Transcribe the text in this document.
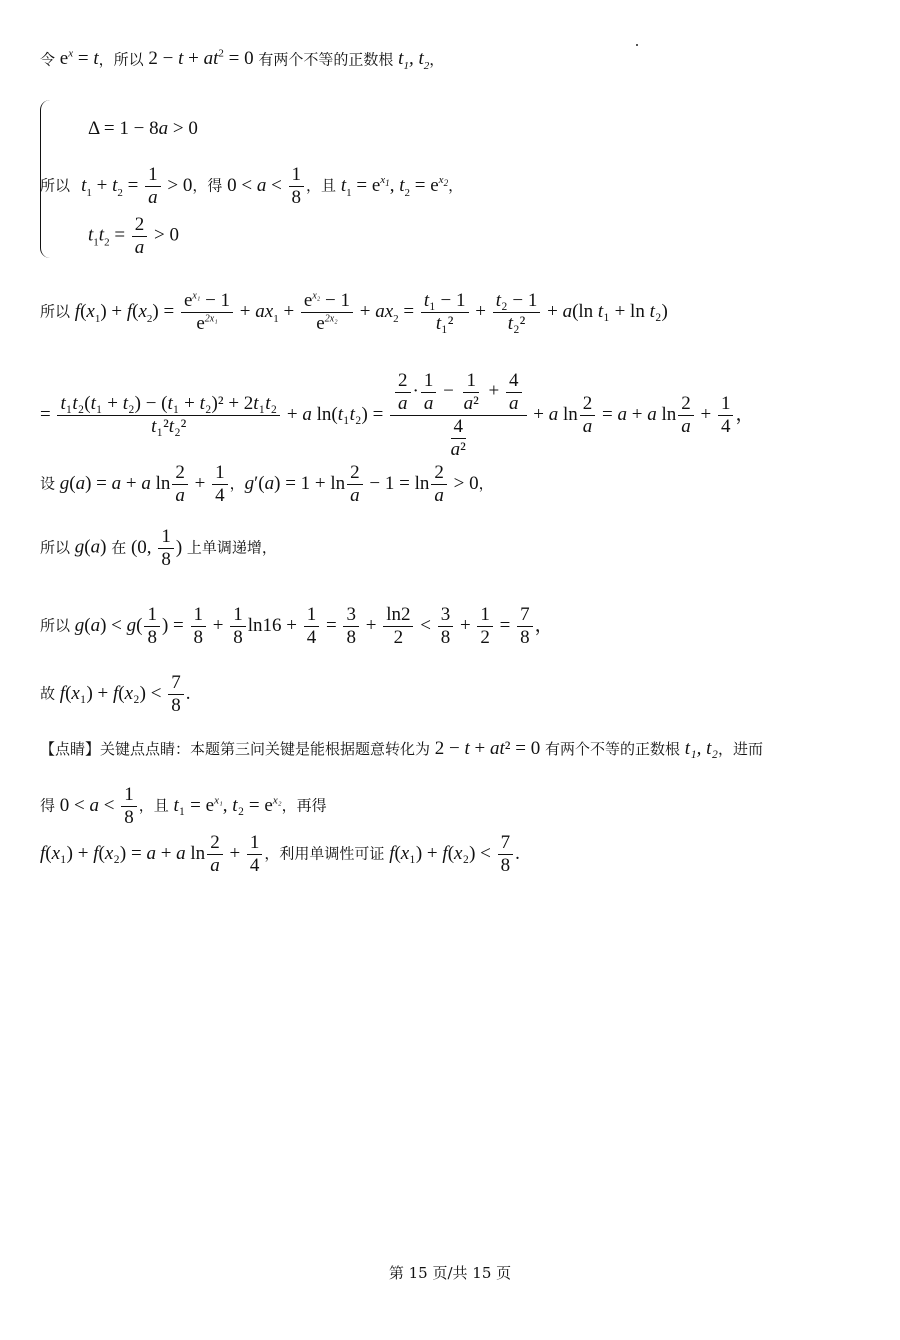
令 $e^x = t$，所以 $2 - t + at^2 = 0$ 有两个不等的正数根 $t_1$, $t_2$，
Δ = 1 − 8a > 0
所以 $t_1 + t_2 = \frac{1}{a} > 0$，得 $0 < a < \frac{1}{8}$ ，且 $t_1 = e^{x_1}$, $t_2 = e^{x_2}$，
$t_1t_2 = \frac{2}{a} > 0$
所以 $f(x_1) + f(x_2) = \frac{e^{x_1} - 1}{e^{2x_1}} + ax_1 + \frac{e^{x_2} - 1}{e^{2x_2}} + ax_2 = \frac{\text{t₁ − 1}}{\text{t₁²}} + \frac{\text{t₂ − 1}}{\text{t₂²}} + a(\ln$ t₁ + ln t₂)
= $\frac{\text{t₁t₂(t₁ + t₂) − (t₁ + t₂)² + 2t₁t₂}}{\text{t₁²t₂²}} + a$ $\ln(t_1t_2) = \frac{\frac{2}{a} \cdot \frac{1}{a} - \frac{1}{\text{a²}} + \frac{4}{a}}{\frac{4}{\text{a²}}} + a$ $\ln \frac{2}{a} = a + a$ $\ln \frac{2}{a} + \frac{1}{4}$ ，
设 g(a) = a + a $\ln \frac{2}{a} + \frac{1}{4}$ ，$g'(a) = 1 + \ln \frac{2}{a} - 1 = \ln \frac{2}{a} > 0$，
所以 g(a) 在 (0, $\frac{1}{8}$ ) 上单调递增，
所以 $g(a) < g( \frac{1}{8}$ ) = $\frac{1}{8} + \frac{1}{8} \ln 16 + \frac{1}{4} = \frac{3}{8} + \frac{\ln 2}{2} < \frac{3}{8} + \frac{1}{2} = \frac{7}{8}$ ，
故 $f(x_1) + f(x_2) < \frac{7}{8}$ .
【点睛】关键点点睛：本题第三问关键是能根据题意转化为 2 − t + at² = 0 有两个不等的正数根 t₁, t₂，进而
得 $0 < a < \frac{1}{8}$ ，且 $t_1 = e^{x_1}$, $t_2 = e^{x_2}$，再得
f(x₁) + f(x₂) = a + a $\ln \frac{2}{a} + \frac{1}{4}$ ，利用单调性可证 $f(x_1) + f(x_2) < \frac{7}{8}$ .
第 15 页/共 15 页
